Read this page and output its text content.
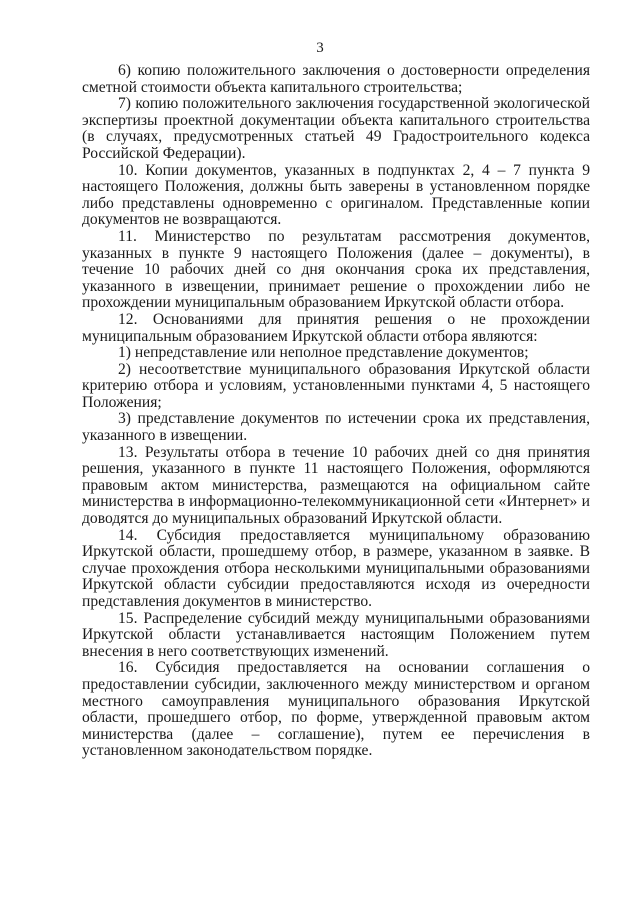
3

6) копию положительного заключения о достоверности определения сметной стоимости объекта капитального строительства;

7) копию положительного заключения государственной экологической экспертизы проектной документации объекта капитального строительства (в случаях, предусмотренных статьей 49 Градостроительного кодекса Российской Федерации).

10. Копии документов, указанных в подпунктах 2, 4 – 7 пункта 9 настоящего Положения, должны быть заверены в установленном порядке либо представлены одновременно с оригиналом. Представленные копии документов не возвращаются.

11. Министерство по результатам рассмотрения документов, указанных в пункте 9 настоящего Положения (далее – документы), в течение 10 рабочих дней со дня окончания срока их представления, указанного в извещении, принимает решение о прохождении либо не прохождении муниципальным образованием Иркутской области отбора.

12. Основаниями для принятия решения о не прохождении муниципальным образованием Иркутской области отбора являются:

1) непредставление или неполное представление документов;

2) несоответствие муниципального образования Иркутской области критерию отбора и условиям, установленными пунктами 4, 5 настоящего Положения;

3) представление документов по истечении срока их представления, указанного в извещении.

13. Результаты отбора в течение 10 рабочих дней со дня принятия решения, указанного в пункте 11 настоящего Положения, оформляются правовым актом министерства, размещаются на официальном сайте министерства в информационно-телекоммуникационной сети «Интернет» и доводятся до муниципальных образований Иркутской области.

14. Субсидия предоставляется муниципальному образованию Иркутской области, прошедшему отбор, в размере, указанном в заявке. В случае прохождения отбора несколькими муниципальными образованиями Иркутской области субсидии предоставляются исходя из очередности представления документов в министерство.

15. Распределение субсидий между муниципальными образованиями Иркутской области устанавливается настоящим Положением путем внесения в него соответствующих изменений.

16. Субсидия предоставляется на основании соглашения о предоставлении субсидии, заключенного между министерством и органом местного самоуправления муниципального образования Иркутской области, прошедшего отбор, по форме, утвержденной правовым актом министерства (далее – соглашение), путем ее перечисления в установленном законодательством порядке.
